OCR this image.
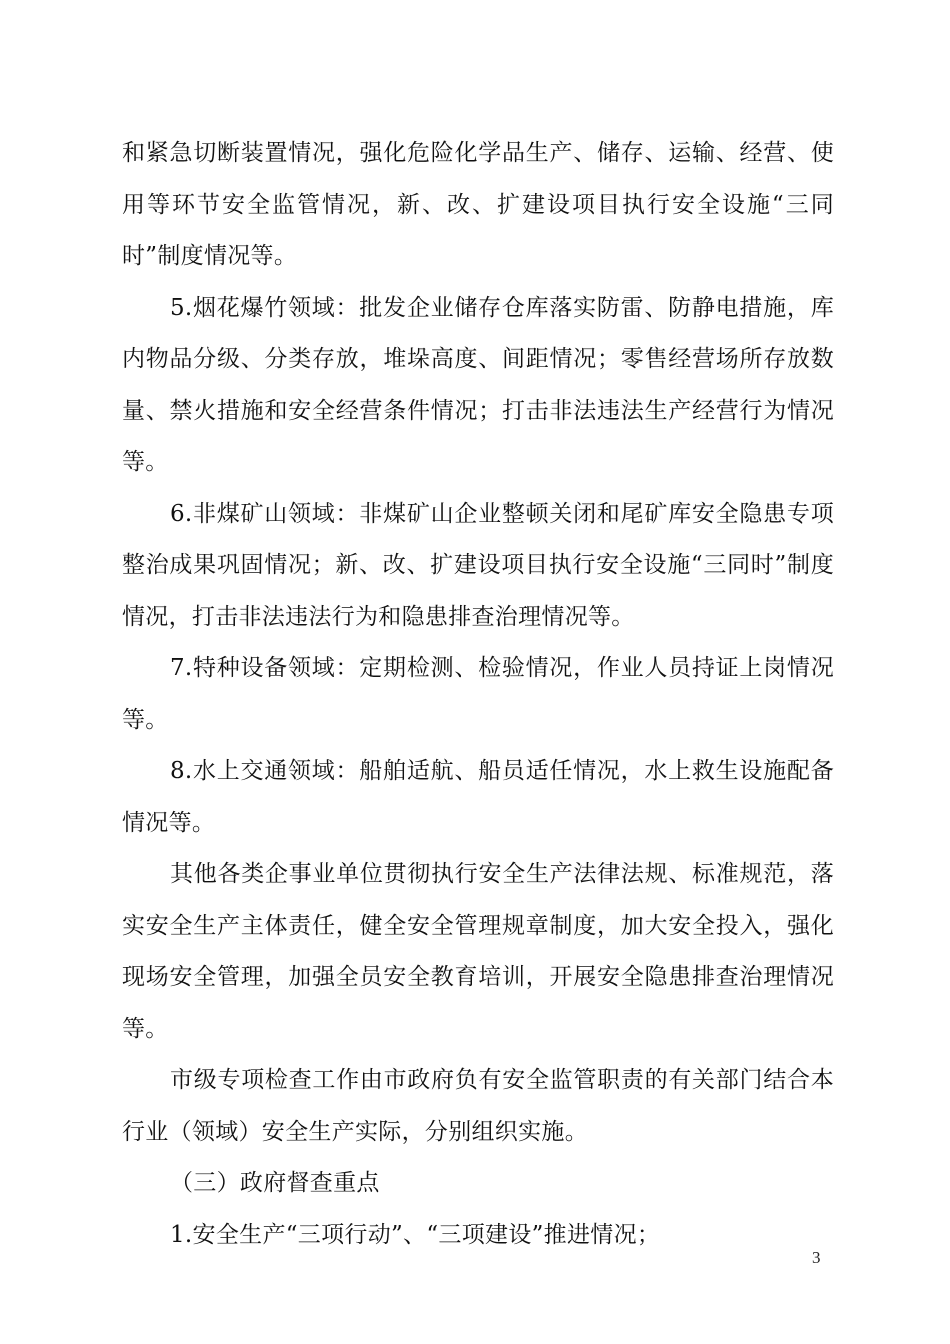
和紧急切断装置情况，强化危险化学品生产、储存、运输、经营、使用等环节安全监管情况，新、改、扩建设项目执行安全设施“三同时”制度情况等。

5.烟花爆竹领域：批发企业储存仓库落实防雷、防静电措施，库内物品分级、分类存放，堆垛高度、间距情况；零售经营场所存放数量、禁火措施和安全经营条件情况；打击非法违法生产经营行为情况等。

6.非煤矿山领域：非煤矿山企业整顿关闭和尾矿库安全隐患专项整治成果巩固情况；新、改、扩建设项目执行安全设施“三同时”制度情况，打击非法违法行为和隐患排查治理情况等。

7.特种设备领域：定期检测、检验情况，作业人员持证上岗情况等。

8.水上交通领域：船舶适航、船员适任情况，水上救生设施配备情况等。

其他各类企事业单位贯彻执行安全生产法律法规、标准规范，落实安全生产主体责任，健全安全管理规章制度，加大安全投入，强化现场安全管理，加强全员安全教育培训，开展安全隐患排查治理情况等。

市级专项检查工作由市政府负有安全监管职责的有关部门结合本行业（领域）安全生产实际，分别组织实施。

（三）政府督查重点

1.安全生产“三项行动”、“三项建设”推进情况；

3
